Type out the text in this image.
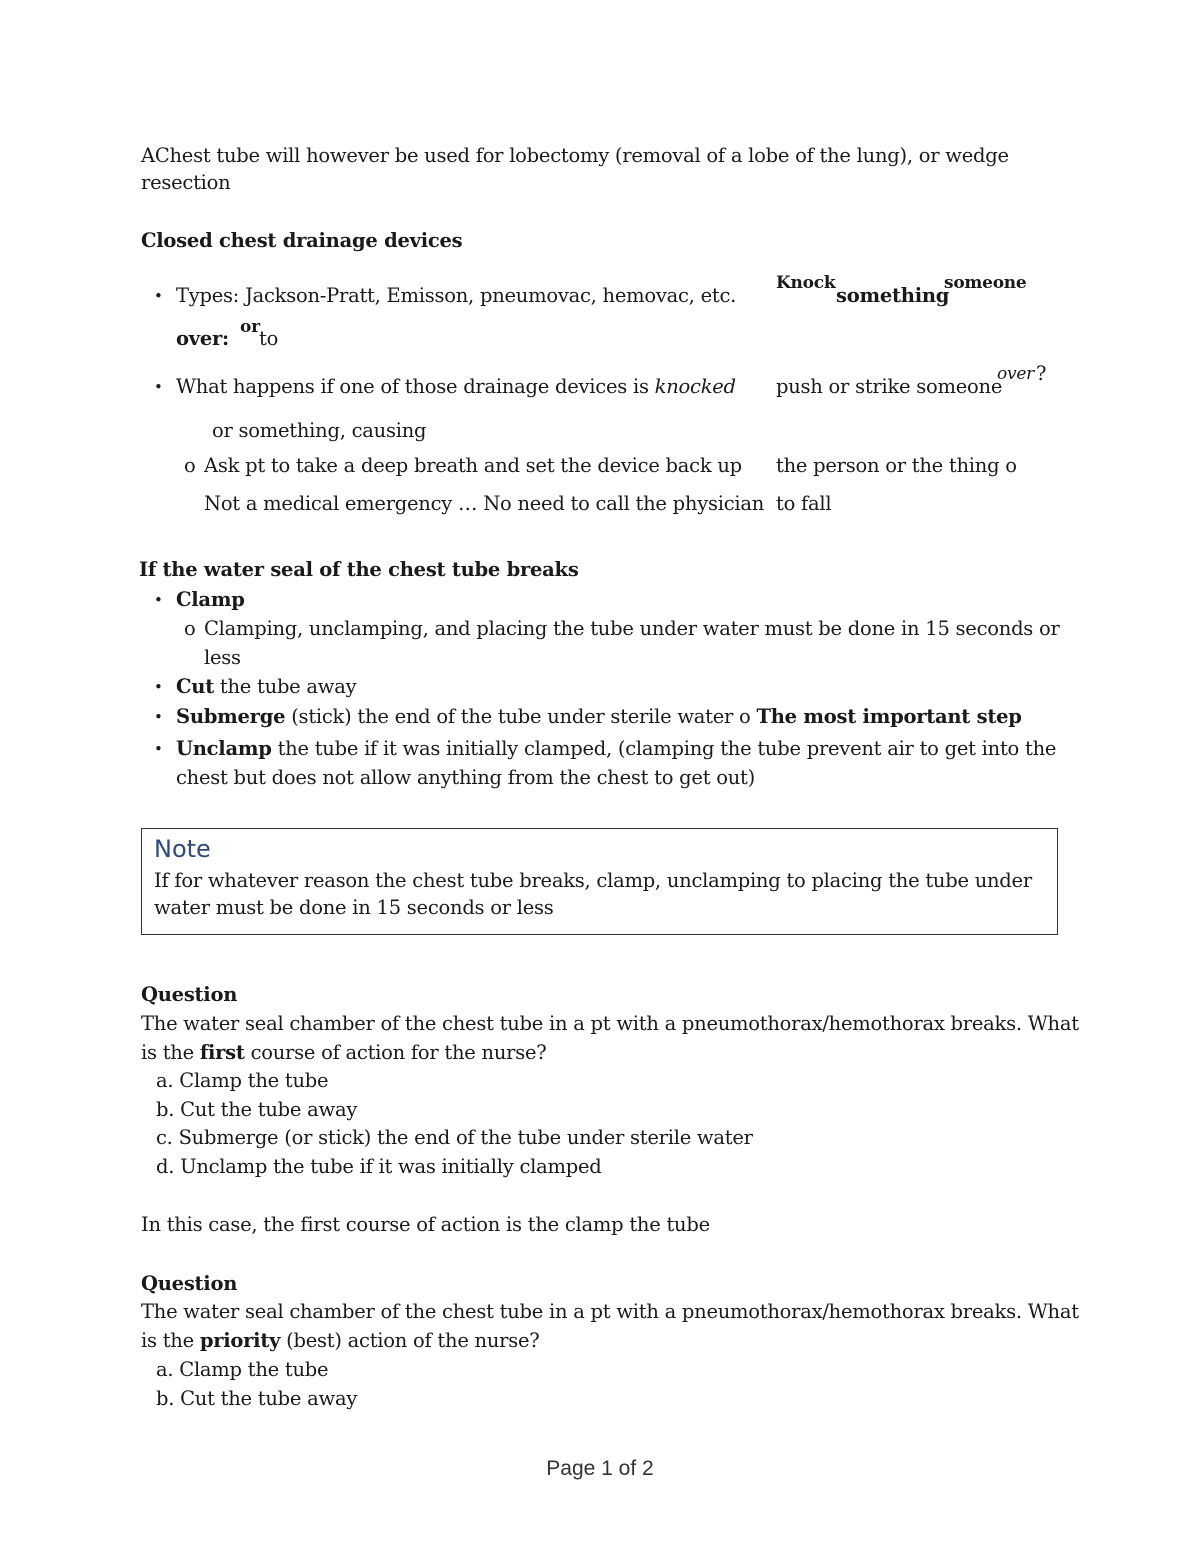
AChest tube will however be used for lobectomy (removal of a lobe of the lung), or wedge
resection
Closed chest drainage devices
• Types: Jackson-Pratt, Emisson, pneumovac, hemovac, etc.
over: or to
• What happens if one of those drainage devices is knocked
or something, causing
o Ask pt to take a deep breath and set the device back up
Not a medical emergency … No need to call the physician
Knock
something
someone
push or strike someone
over ?
the person or the thing o
to fall
If the water seal of the chest tube breaks
• Clamp
o Clamping, unclamping, and placing the tube under water must be done in 15 seconds or
less
• Cut the tube away
• Submerge (stick) the end of the tube under sterile water o The most important step
• Unclamp the tube if it was initially clamped, (clamping the tube prevent air to get into the
chest but does not allow anything from the chest to get out)
Note
If for whatever reason the chest tube breaks, clamp, unclamping to placing the tube under
water must be done in 15 seconds or less
Question
The water seal chamber of the chest tube in a pt with a pneumothorax/hemothorax breaks. What
is the first course of action for the nurse?
a. Clamp the tube
b. Cut the tube away
c. Submerge (or stick) the end of the tube under sterile water
d. Unclamp the tube if it was initially clamped
In this case, the first course of action is the clamp the tube
Question
The water seal chamber of the chest tube in a pt with a pneumothorax/hemothorax breaks. What
is the priority (best) action of the nurse?
a. Clamp the tube
b. Cut the tube away
Page 1 of 2
